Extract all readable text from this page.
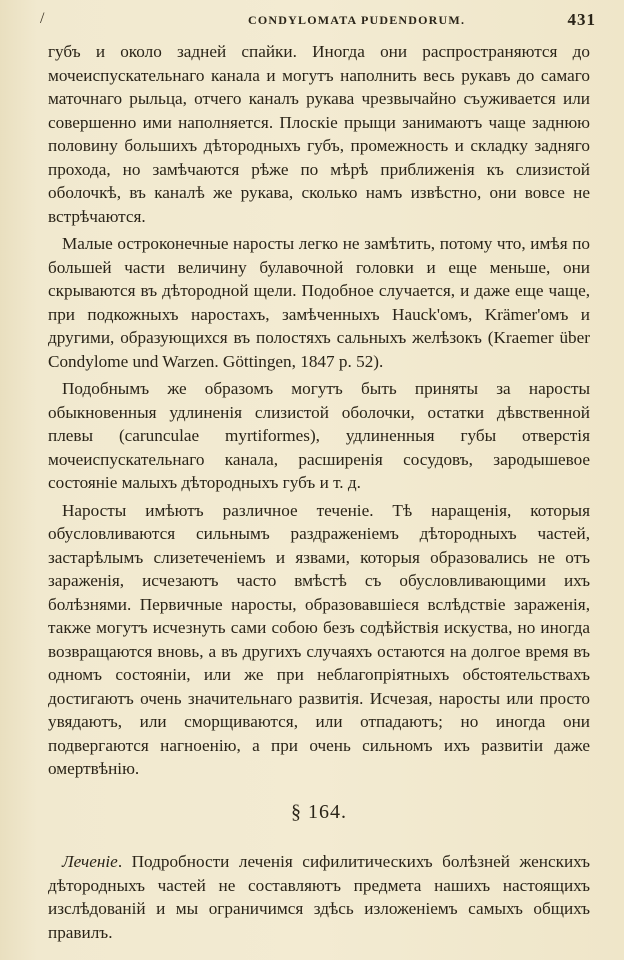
/	CONDYLOMATA PUDENDORUM.	431

губъ и около задней спайки. Иногда они распространяются до мочеиспускательнаго канала и могутъ наполнить весь рукавъ до самаго маточнаго рыльца, отчего каналъ рукава чрезвычайно съуживается или совершенно ими наполняется. Плоскіе прыщи занимаютъ чаще заднюю половину большихъ дѣтородныхъ губъ, промежность и складку задняго прохода, но замѣчаются рѣже по мѣрѣ приближенія къ слизистой оболочкѣ, въ каналѣ же рукава, сколько намъ извѣстно, они вовсе не встрѣчаются.

Малые остроконечные наросты легко не замѣтить, потому что, имѣя по большей части величину булавочной головки и еще меньше, они скрываются въ дѣтородной щели. Подобное случается, и даже еще чаще, при подкожныхъ наростахъ, замѣченныхъ Hauck'омъ, Krämer'омъ и другими, образующихся въ полостяхъ сальныхъ желѣзокъ (Kraemer über Condylome und Warzen. Göttingen, 1847 p. 52).

Подобнымъ же образомъ могутъ быть приняты за наросты обыкновенныя удлиненія слизистой оболочки, остатки дѣвственной плевы (carunculae myrtiformes), удлиненныя губы отверстія мочеиспускательнаго канала, расширенія сосудовъ, зародышевое состояніе малыхъ дѣтородныхъ губъ и т. д.

Наросты имѣютъ различное теченіе. Тѣ наращенія, которыя обусловливаются сильнымъ раздраженіемъ дѣтородныхъ частей, застарѣлымъ слизетеченіемъ и язвами, которыя образовались не отъ зараженія, исчезаютъ часто вмѣстѣ съ обусловливающими ихъ болѣзнями. Первичные наросты, образовавшіеся вслѣдствіе зараженія, также могутъ исчезнуть сами собою безъ содѣйствія искуства, но иногда возвращаются вновь, а въ другихъ случаяхъ остаются на долгое время въ одномъ состояніи, или же при неблагопріятныхъ обстоятельствахъ достигаютъ очень значительнаго развитія. Исчезая, наросты или просто увядаютъ, или сморщиваются, или отпадаютъ; но иногда они подвергаются нагноенію, а при очень сильномъ ихъ развитіи даже омертвѣнію.

§ 164.

Леченіе. Подробности леченія сифилитическихъ болѣзней женскихъ дѣтородныхъ частей не составляютъ предмета нашихъ настоящихъ изслѣдованій и мы ограничимся здѣсь изложеніемъ самыхъ общихъ правилъ.
